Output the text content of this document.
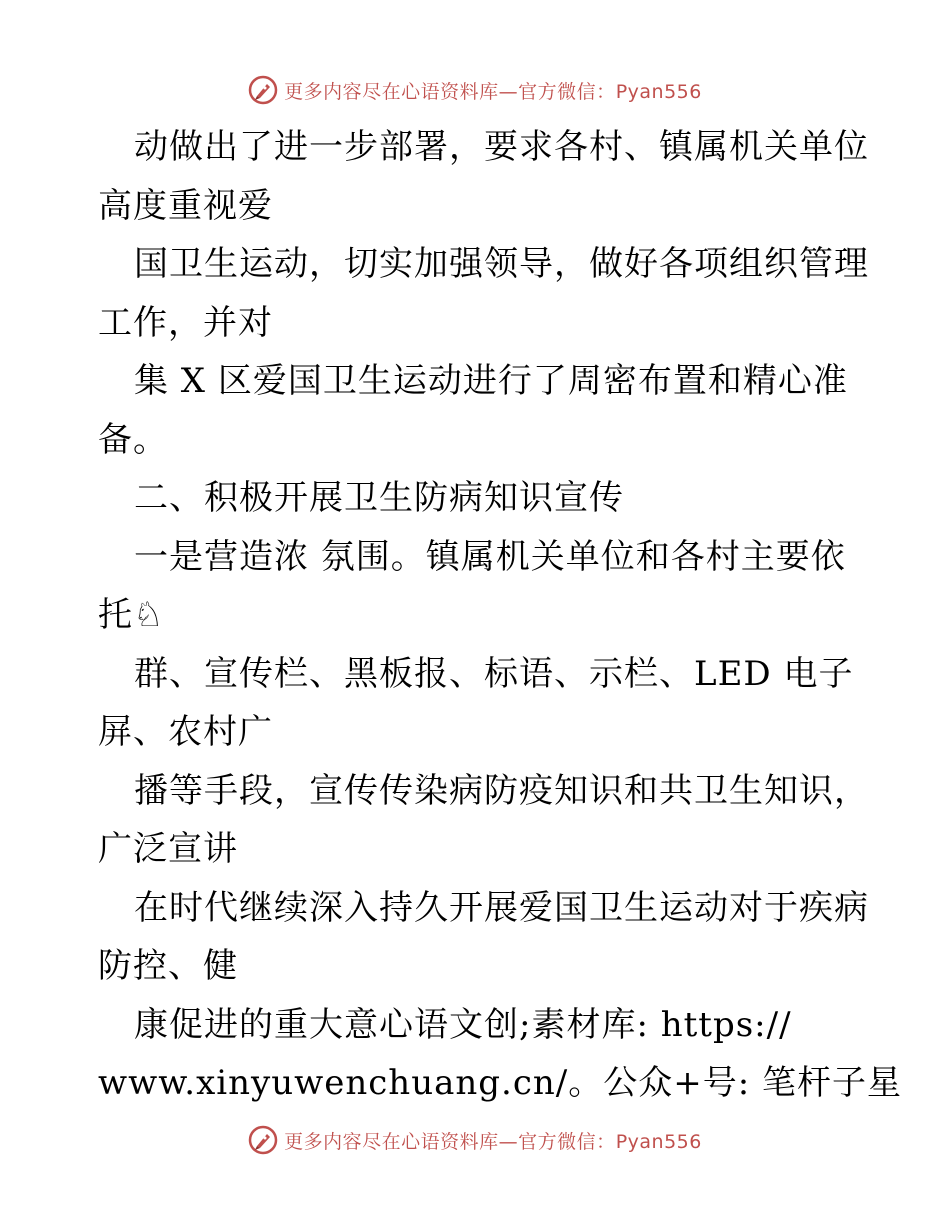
更多内容尽在心语资料库—官方微信：Pyan556
动做出了进一步部署，要求各村、镇属机关单位
高度重视爱
国卫生运动，切实加强领导，做好各项组织管理
工作，并对
集 X 区爱国卫生运动进行了周密布置和精心准
备。
二、积极开展卫生防病知识宣传
一是营造浓 氛围。镇属机关单位和各村主要依
托♘
群、宣传栏、黑板报、标语、示栏、LED 电子
屏、农村广
播等手段，宣传传染病防疫知识和共卫生知识，
广泛宣讲
在时代继续深入持久开展爱国卫生运动对于疾病
防控、健
康促进的重大意心语文创;素材库: https://
www.xinyuwenchuang.cn/。公众+号: 笔杆子星
更多内容尽在心语资料库—官方微信：Pyan556
